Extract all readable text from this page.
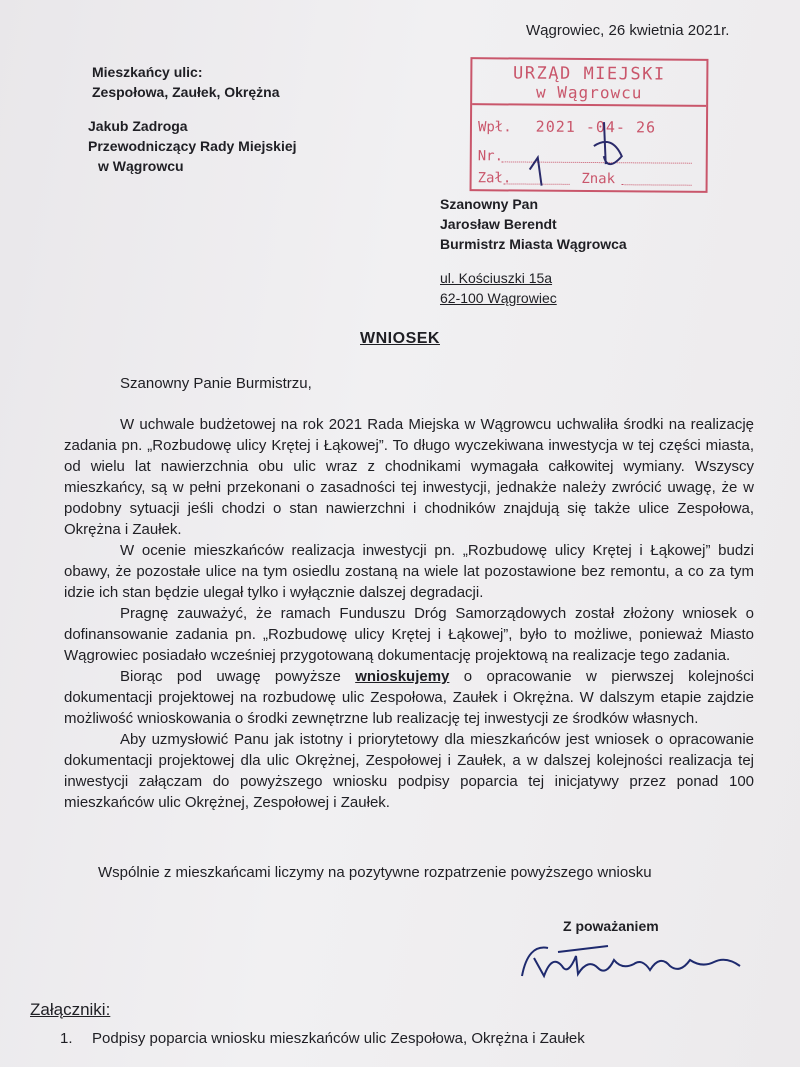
Wągrowiec, 26 kwietnia 2021r.
Mieszkańcy ulic:
Zespołowa, Zaułek, Okrężna
Jakub Zadroga
Przewodniczący Rady Miejskiej
w Wągrowcu
URZĄD MIEJSKI
w Wągrowcu
Wpł. 2021 -04- 26
Nr.
Zał.	Znak
Szanowny Pan
Jarosław Berendt
Burmistrz Miasta Wągrowca
ul. Kościuszki 15a
62-100 Wągrowiec
WNIOSEK
Szanowny Panie Burmistrzu,

W uchwale budżetowej na rok 2021 Rada Miejska w Wągrowcu uchwaliła środki na realizację zadania pn. „Rozbudowę ulicy Krętej i Łąkowej”. To długo wyczekiwana inwestycja w tej części miasta, od wielu lat nawierzchnia obu ulic wraz z chodnikami wymagała całkowitej wymiany. Wszyscy mieszkańcy, są w pełni przekonani o zasadności tej inwestycji, jednakże należy zwrócić uwagę, że w podobny sytuacji jeśli chodzi o stan nawierzchni i chodników znajdują się także ulice Zespołowa, Okrężna i Zaułek.

W ocenie mieszkańców realizacja inwestycji pn. „Rozbudowę ulicy Krętej i Łąkowej” budzi obawy, że pozostałe ulice na tym osiedlu zostaną na wiele lat pozostawione bez remontu, a co za tym idzie ich stan będzie ulegał tylko i wyłącznie dalszej degradacji.

Pragnę zauważyć, że ramach Funduszu Dróg Samorządowych został złożony wniosek o dofinansowanie zadania pn. „Rozbudowę ulicy Krętej i Łąkowej”, było to możliwe, ponieważ Miasto Wągrowiec posiadało wcześniej przygotowaną dokumentację projektową na realizacje tego zadania.

Biorąc pod uwagę powyższe wnioskujemy o opracowanie w pierwszej kolejności dokumentacji projektowej na rozbudowę ulic Zespołowa, Zaułek i Okrężna. W dalszym etapie zajdzie możliwość wnioskowania o środki zewnętrzne lub realizację tej inwestycji ze środków własnych.

Aby uzmysłowić Panu jak istotny i priorytetowy dla mieszkańców jest wniosek o opracowanie dokumentacji projektowej dla ulic Okrężnej, Zespołowej i Zaułek, a w dalszej kolejności realizacja tej inwestycji załączam do powyższego wniosku podpisy poparcia tej inicjatywy przez ponad 100 mieszkańców ulic Okrężnej, Zespołowej i Zaułek.

Wspólnie z mieszkańcami liczymy na pozytywne rozpatrzenie powyższego wniosku
Z poważaniem
Załączniki:
1. Podpisy poparcia wniosku mieszkańców ulic Zespołowa, Okrężna i Zaułek
